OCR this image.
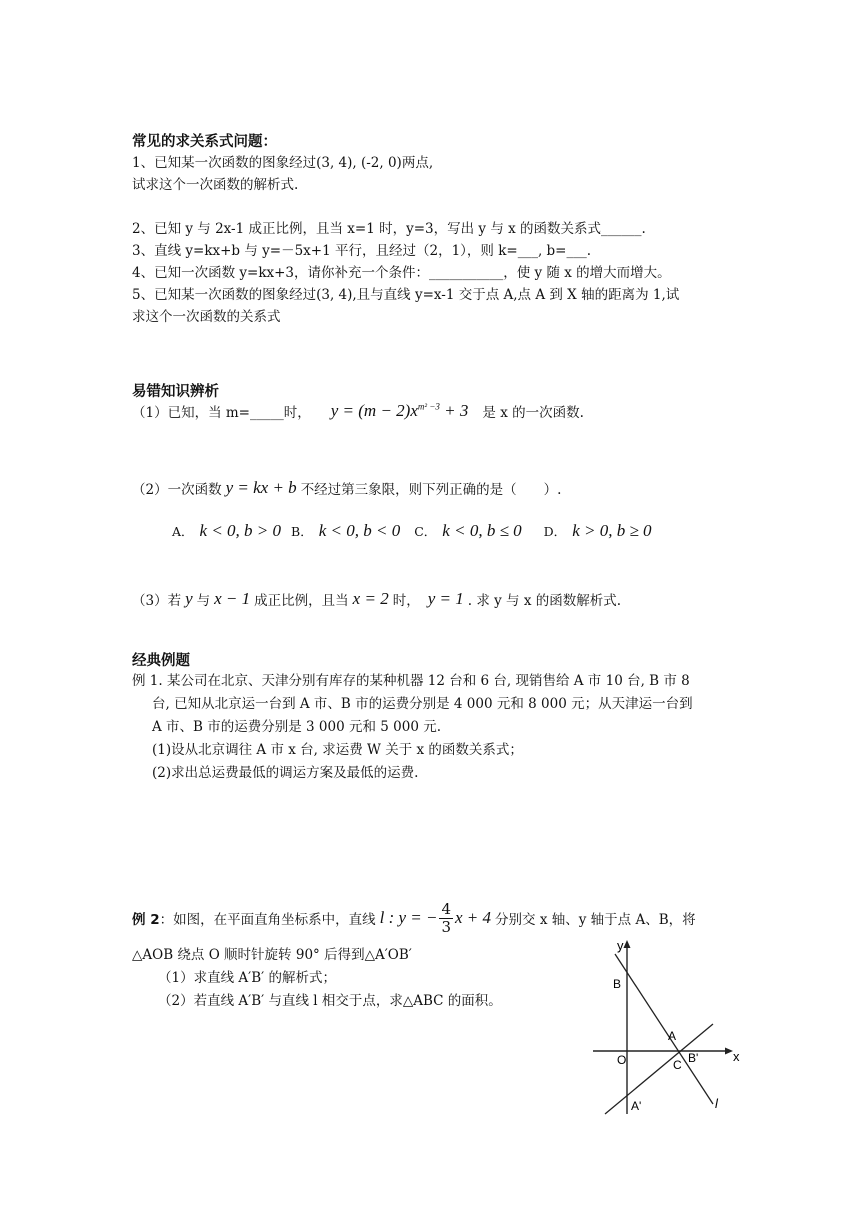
常见的求关系式问题：
1、已知某一次函数的图象经过(3, 4), (-2, 0)两点,
试求这个一次函数的解析式.
2、已知 y 与 2x-1 成正比例，且当 x=1 时，y=3，写出 y 与 x 的函数关系式______.
3、直线 y=kx+b 与 y=－5x+1 平行，且经过（2，1），则 k=___, b=___.
4、已知一次函数 y=kx+3，请你补充一个条件：___________，使 y 随 x 的增大而增大。
5、已知某一次函数的图象经过(3, 4),且与直线 y=x-1 交于点 A,点 A 到 X 轴的距离为 1,试
求这个一次函数的关系式
易错知识辨析
（1）已知，当 m=_____时， $y = (m - 2)x^{m^2 -3} + 3$ 是 x 的一次函数.
（2）一次函数 y = kx + b 不经过第三象限，则下列正确的是（　　）.
A． k < 0, b > 0 B． k < 0, b < 0 C． k < 0, b ≤ 0 D． k > 0, b ≥ 0
（3）若 y 与 x − 1 成正比例，且当 x = 2 时， y = 1 . 求 y 与 x 的函数解析式.
经典例题
例 1. 某公司在北京、天津分别有库存的某种机器 12 台和 6 台, 现销售给 A 市 10 台, B 市 8
台, 已知从北京运一台到 A 市、B 市的运费分别是 4 000 元和 8 000 元；从天津运一台到
A 市、B 市的运费分别是 3 000 元和 5 000 元.
(1)设从北京调往 A 市 x 台, 求运费 W 关于 x 的函数关系式；
(2)求出总运费最低的调运方案及最低的运费.
例 2 ：如图，在平面直角坐标系中，直线 l : y = − $\frac{4}{3}$ x + 4 分别交 x 轴、y 轴于点 A、B，将
△AOB 绕点 O 顺时针旋转 90° 后得到△A′OB′
（1）求直线 A′B′ 的解析式；
（2）若直线 A′B′ 与直线 l 相交于点，求△ABC 的面积。
y
x
B
A
O	B'
C
A'	l
